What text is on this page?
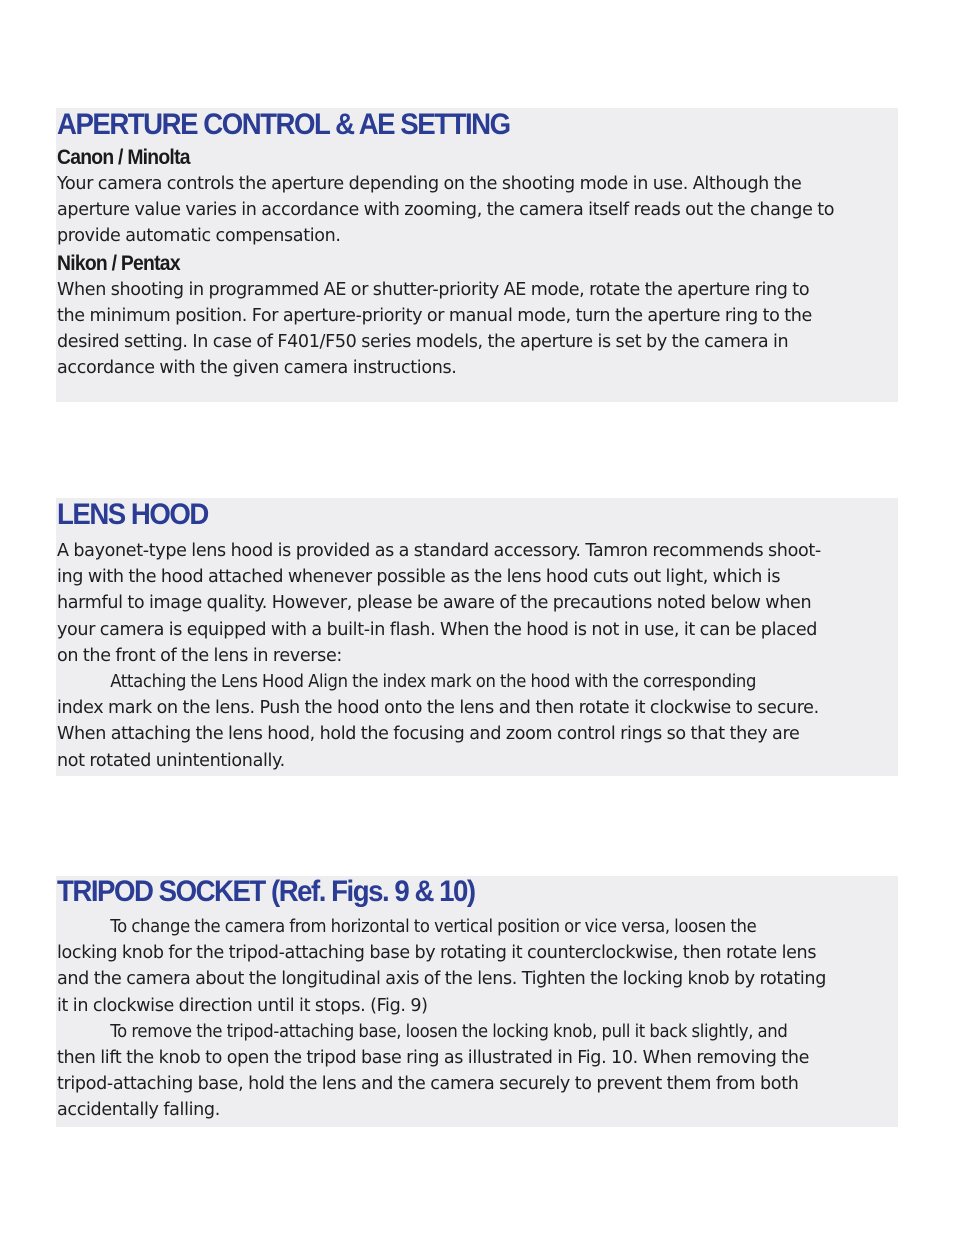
APERTURE CONTROL & AE SETTING
Canon / Minolta

Your camera controls the aperture depending on the shooting mode in use. Although the
aperture value varies in accordance with zooming, the camera itself reads out the change to
provide automatic compensation.

Nikon / Pentax

When shooting in programmed AE or shutter-priority AE mode, rotate the aperture ring to
the minimum position. For aperture-priority or manual mode, turn the aperture ring to the
desired setting. In case of F401/F50 series models, the aperture is set by the camera in
accordance with the given camera instructions.

LENS HOOD

A bayonet-type lens hood is provided as a standard accessory. Tamron recommends shoot-
ing with the hood attached whenever possible as the lens hood cuts out light, which is
harmful to image quality. However, please be aware of the precautions noted below when
your camera is equipped with a built-in flash. When the hood is not in use, it can be placed
on the front of the lens in reverse:

Attaching the Lens Hood Align the index mark on the hood with the corresponding
index mark on the lens. Push the hood onto the lens and then rotate it clockwise to secure.
When attaching the lens hood, hold the focusing and zoom control rings so that they are
not rotated unintentionally.

TRIPOD SOCKET (Ref. Figs. 9 & 10)

To change the camera from horizontal to vertical position or vice versa, loosen the
locking knob for the tripod-attaching base by rotating it counterclockwise, then rotate lens
and the camera about the longitudinal axis of the lens. Tighten the locking knob by rotating
it in clockwise direction until it stops. (Fig. 9)

To remove the tripod-attaching base, loosen the locking knob, pull it back slightly, and
then lift the knob to open the tripod base ring as illustrated in Fig. 10. When removing the
tripod-attaching base, hold the lens and the camera securely to prevent them from both
accidentally falling.
